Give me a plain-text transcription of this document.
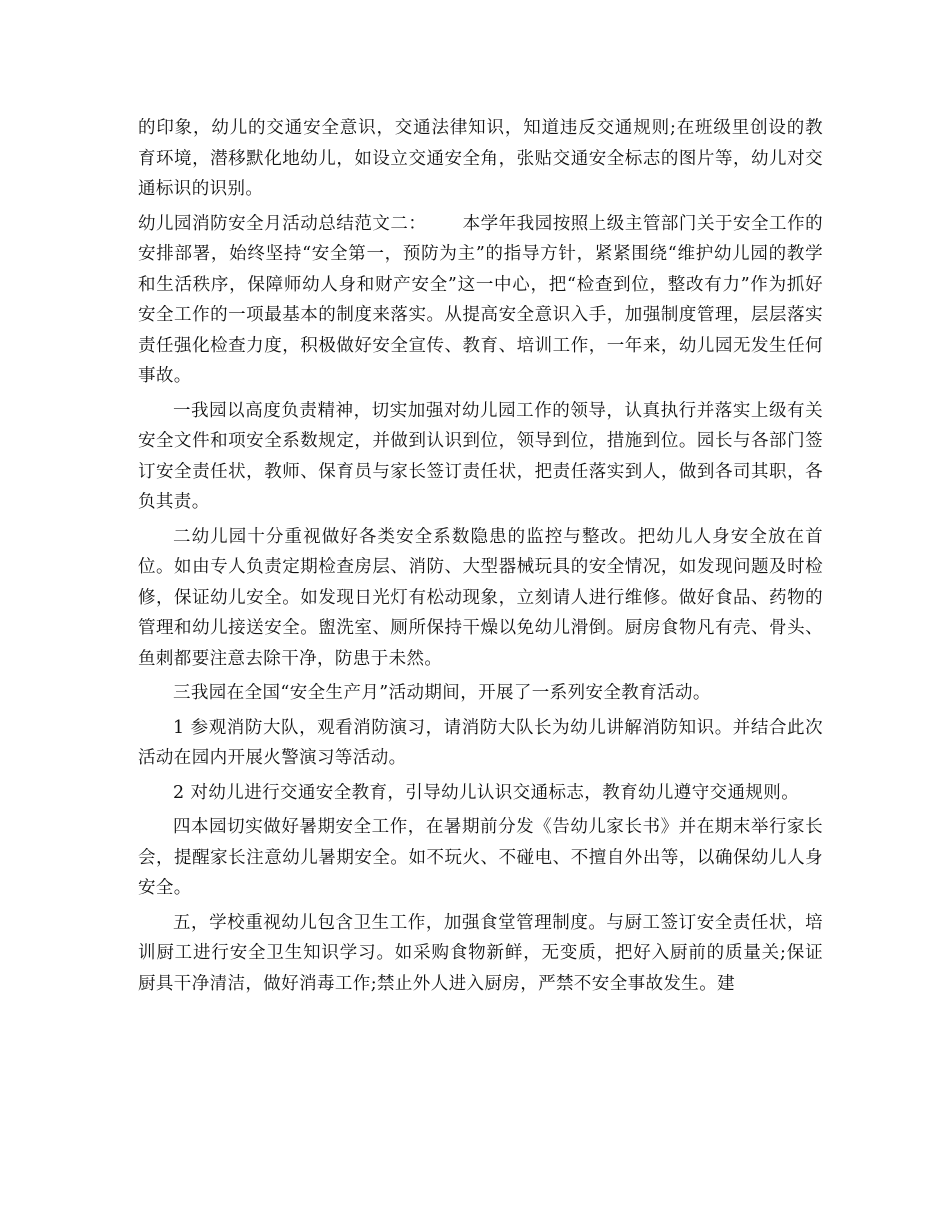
的印象，幼儿的交通安全意识，交通法律知识，知道违反交通规则;在班级里创设的教育环境，潜移默化地幼儿，如设立交通安全角，张贴交通安全标志的图片等，幼儿对交通标识的识别。

幼儿园消防安全月活动总结范文二： 本学年我园按照上级主管部门关于安全工作的安排部署，始终坚持“安全第一，预防为主”的指导方针，紧紧围绕“维护幼儿园的教学和生活秩序，保障师幼人身和财产安全”这一中心，把“检查到位，整改有力”作为抓好安全工作的一项最基本的制度来落实。从提高安全意识入手，加强制度管理，层层落实责任强化检查力度，积极做好安全宣传、教育、培训工作，一年来，幼儿园无发生任何事故。

一我园以高度负责精神，切实加强对幼儿园工作的领导，认真执行并落实上级有关安全文件和项安全系数规定，并做到认识到位，领导到位，措施到位。园长与各部门签订安全责任状，教师、保育员与家长签订责任状，把责任落实到人，做到各司其职，各负其责。

二幼儿园十分重视做好各类安全系数隐患的监控与整改。把幼儿人身安全放在首位。如由专人负责定期检查房层、消防、大型器械玩具的安全情况，如发现问题及时检修，保证幼儿安全。如发现日光灯有松动现象，立刻请人进行维修。做好食品、药物的管理和幼儿接送安全。盥洗室、厕所保持干燥以免幼儿滑倒。厨房食物凡有壳、骨头、鱼刺都要注意去除干净，防患于未然。

三我园在全国“安全生产月”活动期间，开展了一系列安全教育活动。

1 参观消防大队，观看消防演习，请消防大队长为幼儿讲解消防知识。并结合此次活动在园内开展火警演习等活动。

2 对幼儿进行交通安全教育，引导幼儿认识交通标志，教育幼儿遵守交通规则。

四本园切实做好暑期安全工作，在暑期前分发《告幼儿家长书》并在期末举行家长会，提醒家长注意幼儿暑期安全。如不玩火、不碰电、不擅自外出等，以确保幼儿人身安全。

五，学校重视幼儿包含卫生工作，加强食堂管理制度。与厨工签订安全责任状，培训厨工进行安全卫生知识学习。如采购食物新鲜，无变质，把好入厨前的质量关;保证厨具干净清洁，做好消毒工作;禁止外人进入厨房，严禁不安全事故发生。建
